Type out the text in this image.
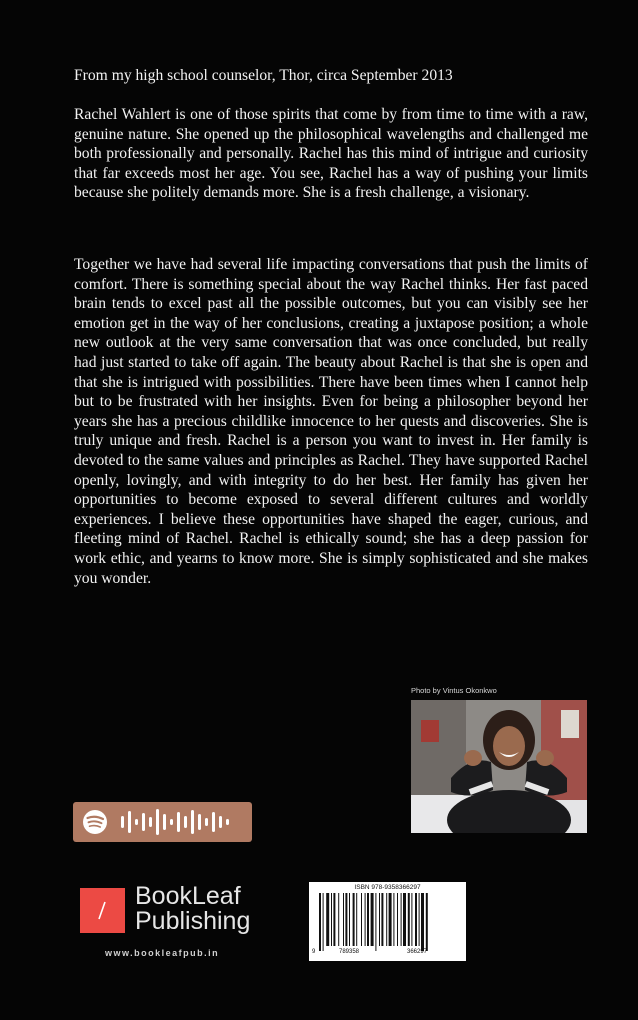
From my high school counselor, Thor, circa September 2013
Rachel Wahlert is one of those spirits that come by from time to time with a raw, genuine nature. She opened up the philosophical wavelengths and challenged me both professionally and personally. Rachel has this mind of intrigue and curiosity that far exceeds most her age. You see, Rachel has a way of pushing your limits because she politely demands more. She is a fresh challenge, a visionary.
Together we have had several life impacting conversations that push the limits of comfort. There is something special about the way Rachel thinks. Her fast paced brain tends to excel past all the possible outcomes, but you can visibly see her emotion get in the way of her conclusions, creating a juxtapose position; a whole new outlook at the very same conversation that was once concluded, but really had just started to take off again. The beauty about Rachel is that she is open and that she is intrigued with possibilities. There have been times when I cannot help but to be frustrated with her insights. Even for being a philosopher beyond her years she has a precious childlike innocence to her quests and discoveries. She is truly unique and fresh. Rachel is a person you want to invest in. Her family is devoted to the same values and principles as Rachel. They have supported Rachel openly, lovingly, and with integrity to do her best. Her family has given her opportunities to become exposed to several different cultures and worldly experiences. I believe these opportunities have shaped the eager, curious, and fleeting mind of Rachel. Rachel is ethically sound; she has a deep passion for work ethic, and yearns to know more. She is simply sophisticated and she makes you wonder.
Photo by Vintus Okonkwo
BookLeaf
Publishing
www.bookleafpub.in
ISBN 978-9358366297
9	789358	366297
